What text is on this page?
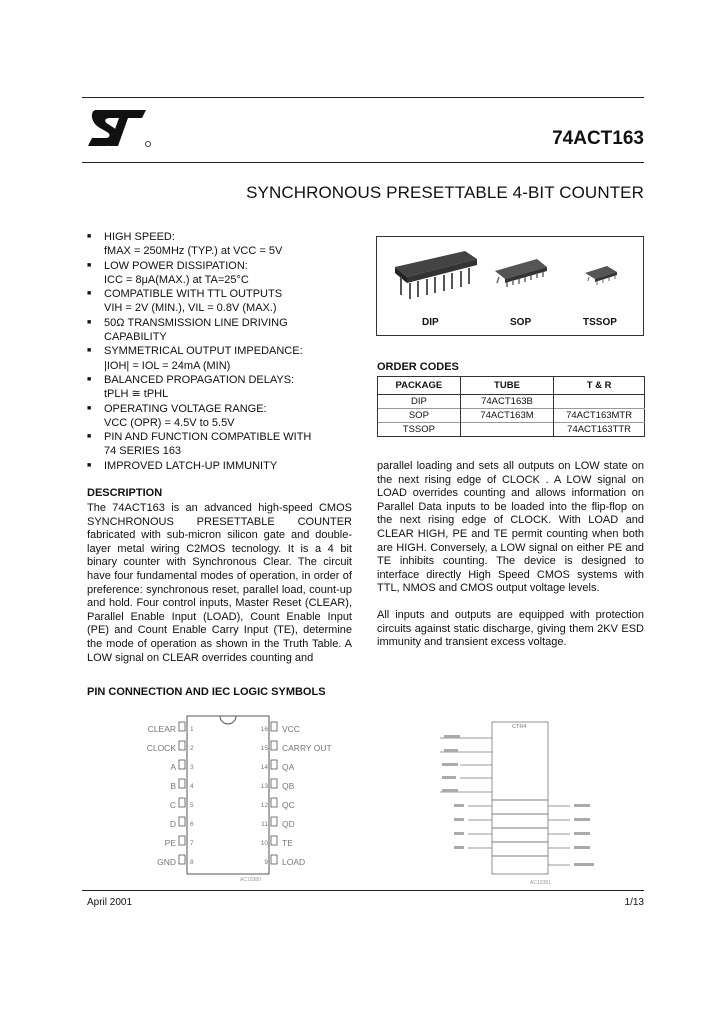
74ACT163
SYNCHRONOUS PRESETTABLE 4-BIT COUNTER
■ HIGH SPEED:
fMAX = 250MHz (TYP.) at VCC = 5V
■ LOW POWER DISSIPATION:
ICC = 8μA(MAX.) at TA=25°C
■ COMPATIBLE WITH TTL OUTPUTS
VIH = 2V (MIN.), VIL = 0.8V (MAX.)
■ 50Ω TRANSMISSION LINE DRIVING
CAPABILITY
■ SYMMETRICAL OUTPUT IMPEDANCE:
|IOH| = IOL = 24mA (MIN)
■ BALANCED PROPAGATION DELAYS:
tPLH ≅ tPHL
■ OPERATING VOLTAGE RANGE:
VCC (OPR) = 4.5V to 5.5V
■ PIN AND FUNCTION COMPATIBLE WITH
74 SERIES 163
■ IMPROVED LATCH-UP IMMUNITY
DIP	SOP	TSSOP
ORDER CODES
PACKAGE	TUBE	T & R
DIP	74ACT163B	
SOP	74ACT163M	74ACT163MTR
TSSOP		74ACT163TTR
DESCRIPTION

The 74ACT163 is an advanced high-speed CMOS SYNCHRONOUS PRESETTABLE COUNTER fabricated with sub-micron silicon gate and double-layer metal wiring C2MOS tecnology. It is a 4 bit binary counter with Synchronous Clear. The circuit have four fundamental modes of operation, in order of preference: synchronous reset, parallel load, count-up and hold. Four control inputs, Master Reset (CLEAR), Parallel Enable Input (LOAD), Count Enable Input (PE) and Count Enable Carry Input (TE), determine the mode of operation as shown in the Truth Table. A LOW signal on CLEAR overrides counting and

parallel loading and sets all outputs on LOW state on the next rising edge of CLOCK . A LOW signal on LOAD overrides counting and allows information on Parallel Data inputs to be loaded into the flip-flop on the next rising edge of CLOCK. With LOAD and CLEAR HIGH, PE and TE permit counting when both are HIGH. Conversely, a LOW signal on either PE and TE inhibits counting. The device is designed to interface directly High Speed CMOS systems with TTL, NMOS and CMOS output voltage levels.

All inputs and outputs are equipped with protection circuits against static discharge, giving them 2KV ESD immunity and transient excess voltage.

PIN CONNECTION AND IEC LOGIC SYMBOLS
CLEAR
CLOCK
A
B
C
D
PE
GND
1
2
3
4
5
6
7
8
16
15
14
13
12
11
10
9
VCC
CARRY OUT
QA
QB
QC
QD
TE
LOAD
AC10380
CTR4
AC10381
April 2001	1/13
